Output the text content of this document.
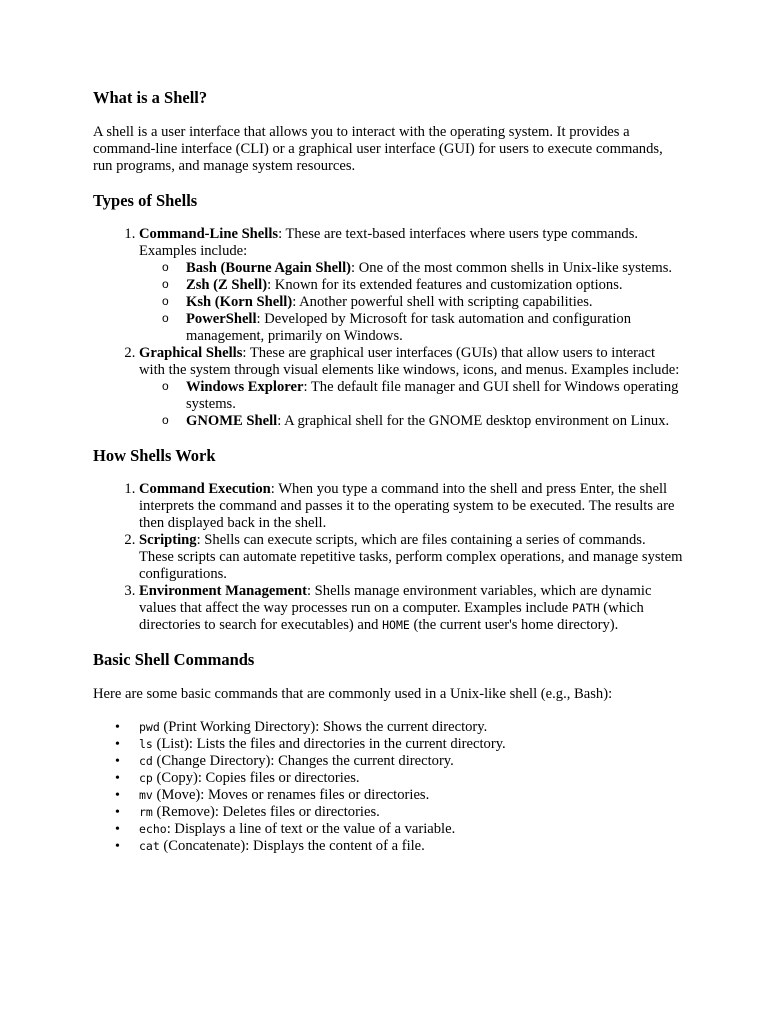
What is a Shell?

A shell is a user interface that allows you to interact with the operating system. It provides a command-line interface (CLI) or a graphical user interface (GUI) for users to execute commands, run programs, and manage system resources.

Types of Shells
1. Command-Line Shells: These are text-based interfaces where users type commands. Examples include:
o Bash (Bourne Again Shell): One of the most common shells in Unix-like systems.
o Zsh (Z Shell): Known for its extended features and customization options.
o Ksh (Korn Shell): Another powerful shell with scripting capabilities.
o PowerShell: Developed by Microsoft for task automation and configuration management, primarily on Windows.
2. Graphical Shells: These are graphical user interfaces (GUIs) that allow users to interact with the system through visual elements like windows, icons, and menus. Examples include:
o Windows Explorer: The default file manager and GUI shell for Windows operating systems.
o GNOME Shell: A graphical shell for the GNOME desktop environment on Linux.
How Shells Work
1. Command Execution: When you type a command into the shell and press Enter, the shell interprets the command and passes it to the operating system to be executed. The results are then displayed back in the shell.
2. Scripting: Shells can execute scripts, which are files containing a series of commands. These scripts can automate repetitive tasks, perform complex operations, and manage system configurations.
3. Environment Management: Shells manage environment variables, which are dynamic values that affect the way processes run on a computer. Examples include PATH (which directories to search for executables) and HOME (the current user's home directory).
Basic Shell Commands

Here are some basic commands that are commonly used in a Unix-like shell (e.g., Bash):

• pwd (Print Working Directory): Shows the current directory.
• ls (List): Lists the files and directories in the current directory.
• cd (Change Directory): Changes the current directory.
• cp (Copy): Copies files or directories.
• mv (Move): Moves or renames files or directories.
• rm (Remove): Deletes files or directories.
• echo: Displays a line of text or the value of a variable.
• cat (Concatenate): Displays the content of a file.
